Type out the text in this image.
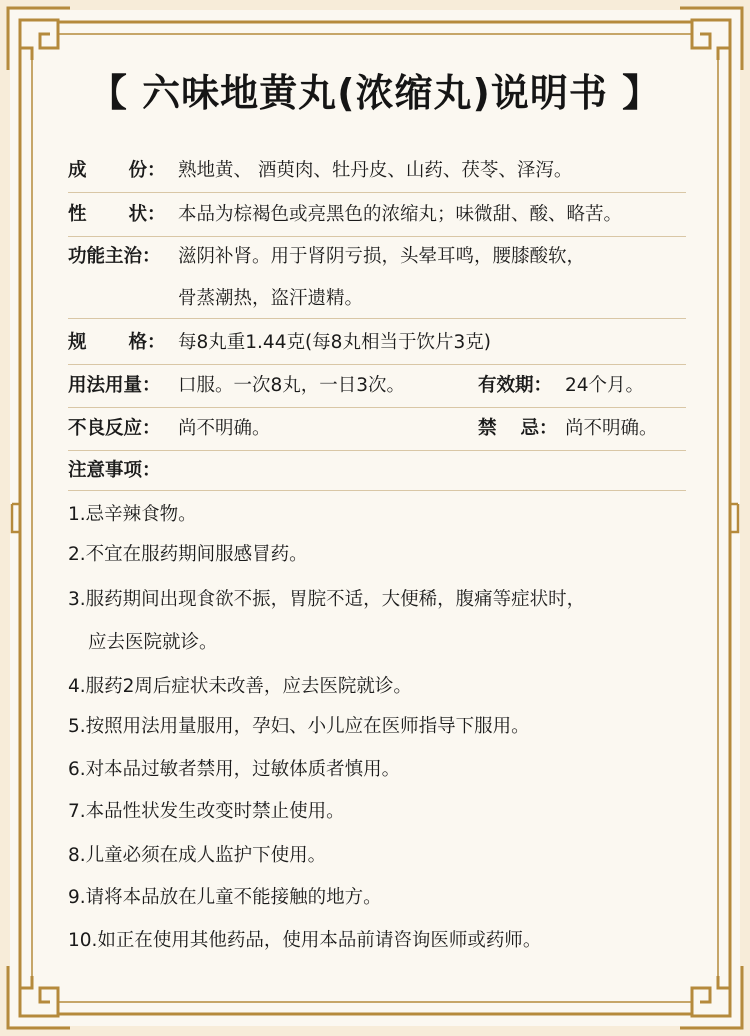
【 六味地黄丸(浓缩丸)说明书 】
成 份： 熟地黄、 酒萸肉、牡丹皮、山药、茯苓、泽泻。
性 状： 本品为棕褐色或亮黑色的浓缩丸；味微甜、酸、略苦。
功能主治： 滋阴补肾。用于肾阴亏损，头晕耳鸣，腰膝酸软，
骨蒸潮热，盗汗遗精。
规 格： 每8丸重1.44克(每8丸相当于饮片3克)
用法用量： 口服。一次8丸，一日3次。	有效期： 24个月。
不良反应： 尚不明确。	禁 忌： 尚不明确。
注意事项：
1.忌辛辣食物。
2.不宜在服药期间服感冒药。
3.服药期间出现食欲不振，胃脘不适，大便稀，腹痛等症状时，
应去医院就诊。
4.服药2周后症状未改善，应去医院就诊。
5.按照用法用量服用，孕妇、小儿应在医师指导下服用。
6.对本品过敏者禁用，过敏体质者慎用。
7.本品性状发生改变时禁止使用。
8.儿童必须在成人监护下使用。
9.请将本品放在儿童不能接触的地方。
10.如正在使用其他药品，使用本品前请咨询医师或药师。
